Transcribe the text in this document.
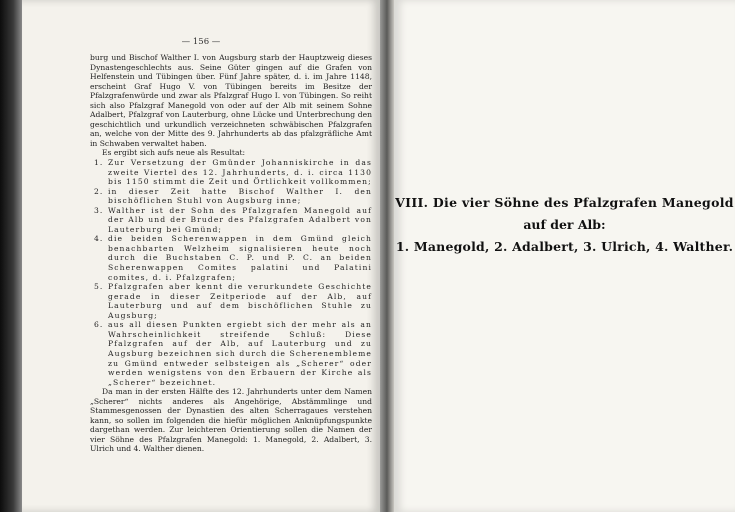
— 156 —

burg und Bischof Walther I. von Augsburg starb der Hauptzweig dieses Dynastengeschlechts aus. Seine Güter gingen auf die Grafen von Helfenstein und Tübingen über. Fünf Jahre später, d. i. im Jahre 1148, erscheint Graf Hugo V. von Tübingen bereits im Besitze der Pfalzgrafenwürde und zwar als Pfalzgraf Hugo I. von Tübingen. So reiht sich also Pfalzgraf Manegold von oder auf der Alb mit seinem Sohne Adalbert, Pfalzgraf von Lauterburg, ohne Lücke und Unterbrechung den geschichtlich und urkundlich verzeichneten schwäbischen Pfalzgrafen an, welche von der Mitte des 9. Jahrhunderts ab das pfalzgräfliche Amt in Schwaben verwaltet haben.

Es ergibt sich aufs neue als Resultat:

1. Zur Versetzung der Gmünder Johanniskirche in das zweite Viertel des 12. Jahrhunderts, d. i. circa 1130 bis 1150 stimmt die Zeit und Örtlichkeit vollkommen;
2. in dieser Zeit hatte Bischof Walther I. den bischöflichen Stuhl von Augsburg inne;
3. Walther ist der Sohn des Pfalzgrafen Manegold auf der Alb und der Bruder des Pfalzgrafen Adalbert von Lauterburg bei Gmünd;
4. die beiden Scherenwappen in dem Gmünd gleich benachbarten Welzheim signalisieren heute noch durch die Buchstaben C. P. und P. C. an beiden Scherenwappen Comites palatini und Palatini comites, d. i. Pfalzgrafen;
5. Pfalzgrafen aber kennt die verurkundete Geschichte gerade in dieser Zeitperiode auf der Alb, auf Lauterburg und auf dem bischöflichen Stuhle zu Augsburg;
6. aus all diesen Punkten ergiebt sich der mehr als an Wahrscheinlichkeit streifende Schluß: Diese Pfalzgrafen auf der Alb, auf Lauterburg und zu Augsburg bezeichnen sich durch die Scherenembleme zu Gmünd entweder selbsteigen als „Scherer“ oder werden wenigstens von den Erbauern der Kirche als „Scherer“ bezeichnet.

Da man in der ersten Hälfte des 12. Jahrhunderts unter dem Namen „Scherer“ nichts anderes als Angehörige, Abstämmlinge und Stammesgenossen der Dynastien des alten Scherragaues verstehen kann, so sollen im folgenden die hiefür möglichen Anknüpfungspunkte dargethan werden. Zur leichteren Orientierung sollen die Namen der vier Söhne des Pfalzgrafen Manegold: 1. Manegold, 2. Adalbert, 3. Ulrich und 4. Walther dienen.

VIII. Die vier Söhne des Pfalzgrafen Manegold
auf der Alb:
1. Manegold, 2. Adalbert, 3. Ulrich, 4. Walther.
